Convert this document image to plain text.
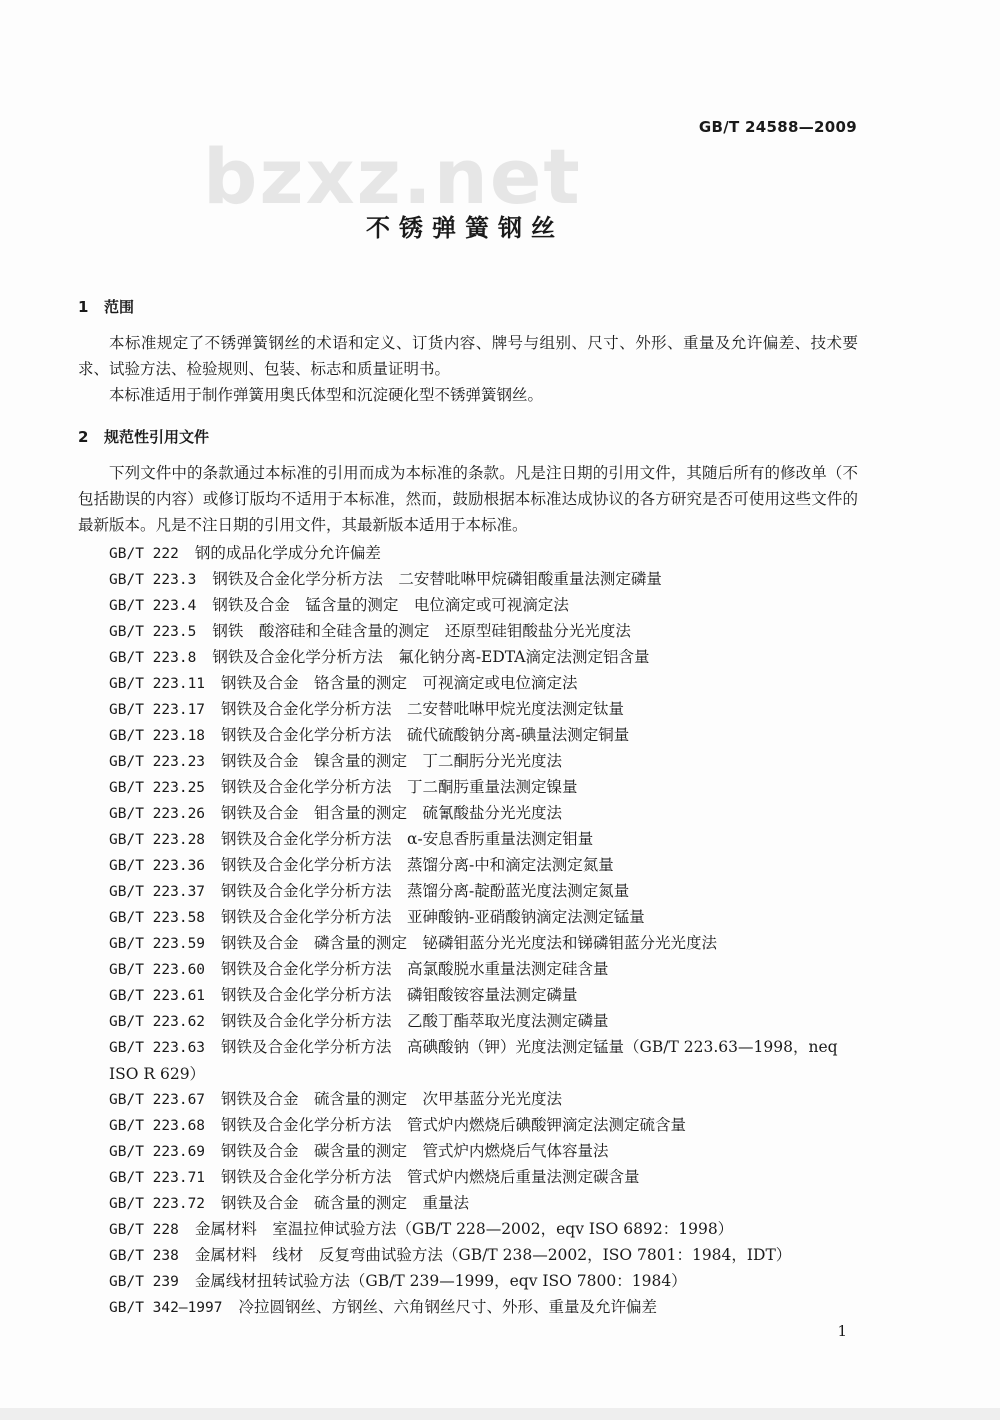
bzxz.net
GB/T 24588—2009
不锈弹簧钢丝
1 范围

本标准规定了不锈弹簧钢丝的术语和定义、订货内容、牌号与组别、尺寸、外形、重量及允许偏差、技术要求、试验方法、检验规则、包装、标志和质量证明书。

本标准适用于制作弹簧用奥氏体型和沉淀硬化型不锈弹簧钢丝。

2 规范性引用文件

下列文件中的条款通过本标准的引用而成为本标准的条款。凡是注日期的引用文件，其随后所有的修改单（不包括勘误的内容）或修订版均不适用于本标准，然而，鼓励根据本标准达成协议的各方研究是否可使用这些文件的最新版本。凡是不注日期的引用文件，其最新版本适用于本标准。

GB/T 222 钢的成品化学成分允许偏差
GB/T 223.3 钢铁及合金化学分析方法　二安替吡啉甲烷磷钼酸重量法测定磷量
GB/T 223.4 钢铁及合金　锰含量的测定　电位滴定或可视滴定法
GB/T 223.5 钢铁　酸溶硅和全硅含量的测定　还原型硅钼酸盐分光光度法
GB/T 223.8 钢铁及合金化学分析方法　氟化钠分离-EDTA滴定法测定铝含量
GB/T 223.11 钢铁及合金　铬含量的测定　可视滴定或电位滴定法
GB/T 223.17 钢铁及合金化学分析方法　二安替吡啉甲烷光度法测定钛量
GB/T 223.18 钢铁及合金化学分析方法　硫代硫酸钠分离-碘量法测定铜量
GB/T 223.23 钢铁及合金　镍含量的测定　丁二酮肟分光光度法
GB/T 223.25 钢铁及合金化学分析方法　丁二酮肟重量法测定镍量
GB/T 223.26 钢铁及合金　钼含量的测定　硫氰酸盐分光光度法
GB/T 223.28 钢铁及合金化学分析方法　α-安息香肟重量法测定钼量
GB/T 223.36 钢铁及合金化学分析方法　蒸馏分离-中和滴定法测定氮量
GB/T 223.37 钢铁及合金化学分析方法　蒸馏分离-靛酚蓝光度法测定氮量
GB/T 223.58 钢铁及合金化学分析方法　亚砷酸钠-亚硝酸钠滴定法测定锰量
GB/T 223.59 钢铁及合金　磷含量的测定　铋磷钼蓝分光光度法和锑磷钼蓝分光光度法
GB/T 223.60 钢铁及合金化学分析方法　高氯酸脱水重量法测定硅含量
GB/T 223.61 钢铁及合金化学分析方法　磷钼酸铵容量法测定磷量
GB/T 223.62 钢铁及合金化学分析方法　乙酸丁酯萃取光度法测定磷量
GB/T 223.63 钢铁及合金化学分析方法　高碘酸钠（钾）光度法测定锰量（GB/T 223.63—1998，neq ISO R 629）
GB/T 223.67 钢铁及合金　硫含量的测定　次甲基蓝分光光度法
GB/T 223.68 钢铁及合金化学分析方法　管式炉内燃烧后碘酸钾滴定法测定硫含量
GB/T 223.69 钢铁及合金　碳含量的测定　管式炉内燃烧后气体容量法
GB/T 223.71 钢铁及合金化学分析方法　管式炉内燃烧后重量法测定碳含量
GB/T 223.72 钢铁及合金　硫含量的测定　重量法
GB/T 228 金属材料　室温拉伸试验方法（GB/T 228—2002，eqv ISO 6892：1998）
GB/T 238 金属材料　线材　反复弯曲试验方法（GB/T 238—2002，ISO 7801：1984，IDT）
GB/T 239 金属线材扭转试验方法（GB/T 239—1999，eqv ISO 7800：1984）
GB/T 342—1997 冷拉圆钢丝、方钢丝、六角钢丝尺寸、外形、重量及允许偏差
1
